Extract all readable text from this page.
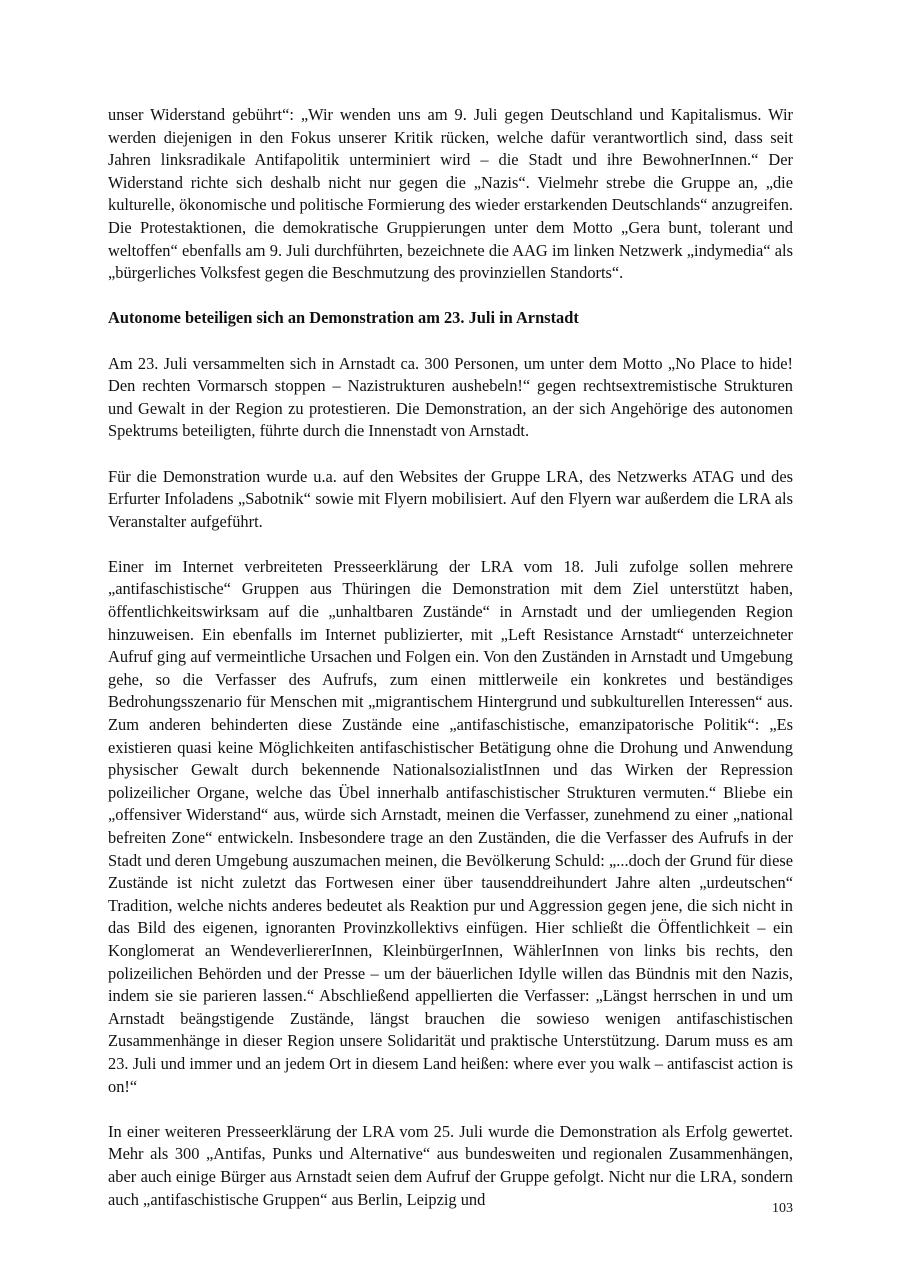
unser Widerstand gebührt“: „Wir wenden uns am 9. Juli gegen Deutschland und Kapitalismus. Wir werden diejenigen in den Fokus unserer Kritik rücken, welche dafür verantwortlich sind, dass seit Jahren linksradikale Antifapolitik unterminiert wird – die Stadt und ihre BewohnerInnen.“ Der Widerstand richte sich deshalb nicht nur gegen die „Nazis“. Vielmehr strebe die Gruppe an, „die kulturelle, ökonomische und politische Formierung des wieder erstarkenden Deutschlands“ anzugreifen. Die Protestaktionen, die demokratische Gruppierungen unter dem Motto „Gera bunt, tolerant und weltoffen“ ebenfalls am 9. Juli durchführten, bezeichnete die AAG im linken Netzwerk „indymedia“ als „bürgerliches Volksfest gegen die Beschmutzung des provinziellen Standorts“.

Autonome beteiligen sich an Demonstration am 23. Juli in Arnstadt

Am 23. Juli versammelten sich in Arnstadt ca. 300 Personen, um unter dem Motto „No Place to hide! Den rechten Vormarsch stoppen – Nazistrukturen aushebeln!“ gegen rechtsextremistische Strukturen und Gewalt in der Region zu protestieren. Die Demonstration, an der sich Angehörige des autonomen Spektrums beteiligten, führte durch die Innenstadt von Arnstadt.

Für die Demonstration wurde u.a. auf den Websites der Gruppe LRA, des Netzwerks ATAG und des Erfurter Infoladens „Sabotnik“ sowie mit Flyern mobilisiert. Auf den Flyern war außerdem die LRA als Veranstalter aufgeführt.

Einer im Internet verbreiteten Presseerklärung der LRA vom 18. Juli zufolge sollen mehrere „antifaschistische“ Gruppen aus Thüringen die Demonstration mit dem Ziel unterstützt haben, öffentlichkeitswirksam auf die „unhaltbaren Zustände“ in Arnstadt und der umliegenden Region hinzuweisen. Ein ebenfalls im Internet publizierter, mit „Left Resistance Arnstadt“ unterzeichneter Aufruf ging auf vermeintliche Ursachen und Folgen ein. Von den Zuständen in Arnstadt und Umgebung gehe, so die Verfasser des Aufrufs, zum einen mittlerweile ein konkretes und beständiges Bedrohungsszenario für Menschen mit „migrantischem Hintergrund und subkulturellen Interessen“ aus. Zum anderen behinderten diese Zustände eine „antifaschistische, emanzipatorische Politik“: „Es existieren quasi keine Möglichkeiten antifaschistischer Betätigung ohne die Drohung und Anwendung physischer Gewalt durch bekennende NationalsozialistInnen und das Wirken der Repression polizeilicher Organe, welche das Übel innerhalb antifaschistischer Strukturen vermuten.“ Bliebe ein „offensiver Widerstand“ aus, würde sich Arnstadt, meinen die Verfasser, zunehmend zu einer „national befreiten Zone“ entwickeln. Insbesondere trage an den Zuständen, die die Verfasser des Aufrufs in der Stadt und deren Umgebung auszumachen meinen, die Bevölkerung Schuld: „...doch der Grund für diese Zustände ist nicht zuletzt das Fortwesen einer über tausenddreihundert Jahre alten „urdeutschen“ Tradition, welche nichts anderes bedeutet als Reaktion pur und Aggression gegen jene, die sich nicht in das Bild des eigenen, ignoranten Provinzkollektivs einfügen. Hier schließt die Öffentlichkeit – ein Konglomerat an WendeverliererInnen, KleinbürgerInnen, WählerInnen von links bis rechts, den polizeilichen Behörden und der Presse – um der bäuerlichen Idylle willen das Bündnis mit den Nazis, indem sie sie parieren lassen.“ Abschließend appellierten die Verfasser: „Längst herrschen in und um Arnstadt beängstigende Zustände, längst brauchen die sowieso wenigen antifaschistischen Zusammenhänge in dieser Region unsere Solidarität und praktische Unterstützung. Darum muss es am 23. Juli und immer und an jedem Ort in diesem Land heißen: where ever you walk – antifascist action is on!“

In einer weiteren Presseerklärung der LRA vom 25. Juli wurde die Demonstration als Erfolg gewertet. Mehr als 300 „Antifas, Punks und Alternative“ aus bundesweiten und regionalen Zusammenhängen, aber auch einige Bürger aus Arnstadt seien dem Aufruf der Gruppe gefolgt. Nicht nur die LRA, sondern auch „antifaschistische Gruppen“ aus Berlin, Leipzig und	103
